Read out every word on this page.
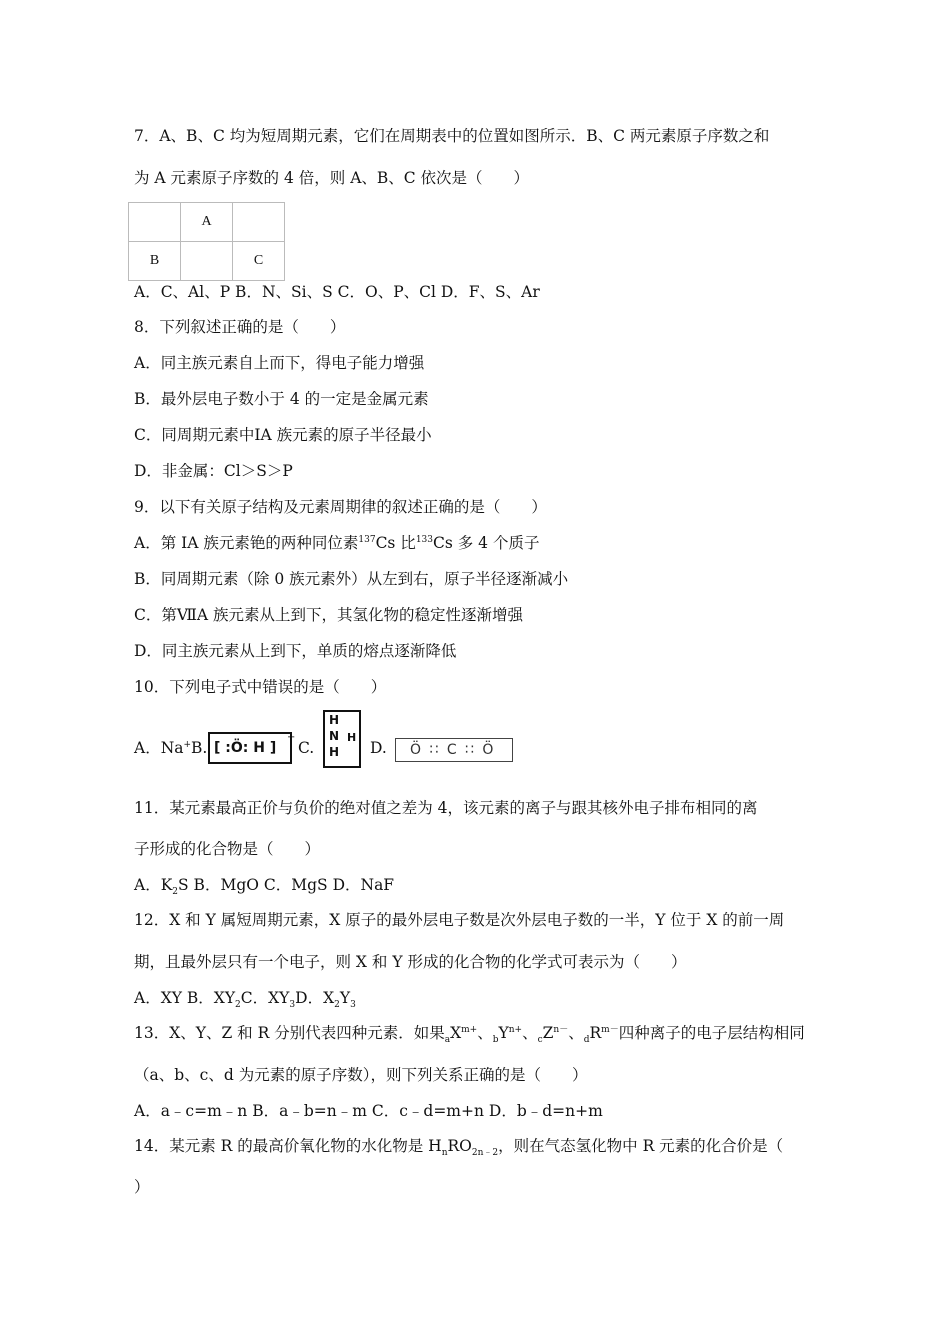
7．A、B、C 均为短周期元素，它们在周期表中的位置如图所示．B、C 两元素原子序数之和
为 A 元素原子序数的 4 倍，则 A、B、C 依次是（　　）
	A	
B		C
A．C、Al、P B．N、Si、S C．O、P、Cl D．F、S、Ar
8．下列叙述正确的是（　　）
A．同主族元素自上而下，得电子能力增强
B．最外层电子数小于 4 的一定是金属元素
C．同周期元素中ⅠA 族元素的原子半径最小
D．非金属：Cl＞S＞P
9．以下有关原子结构及元素周期律的叙述正确的是（　　）
A．第 IA 族元素铯的两种同位素$^{137}$Cs 比$^{133}$Cs 多 4 个质子
B．同周期元素（除 0 族元素外）从左到右，原子半径逐渐减小
C．第ⅦA 族元素从上到下，其氢化物的稳定性逐渐增强
D．同主族元素从上到下，单质的熔点逐渐降低
10．下列电子式中错误的是（　　）
A．Na+B. [ :Ö: H ]
−
C.
H
N
H
H
D. Ö ∷ C ∷ Ö
11．某元素最高正价与负价的绝对值之差为 4，该元素的离子与跟其核外电子排布相同的离
子形成的化合物是（　　）
A．$K_2S$ B．MgO C．MgS D．NaF
12．X 和 Y 属短周期元素，X 原子的最外层电子数是次外层电子数的一半，Y 位于 X 的前一周
期，且最外层只有一个电子，则 X 和 Y 形成的化合物的化学式可表示为（　　）
A．XY B．$XY_2C$．$XY_3D$．$X_2Y_3$
13．X、Y、Z 和 R 分别代表四种元素．如果$_aX^{m+}$、$_bY^{n+}$、$_cZ^{n-}$、$_dR^{m-}$四种离子的电子层结构相同
（a、b、c、d 为元素的原子序数），则下列关系正确的是（　　）
A．a﹣c=m﹣n B．a﹣b=n﹣m C．c﹣d=m+n D．b﹣d=n+m
14．某元素 R 的最高价氧化物的水化物是 $H_nRO_{2n﹣2}$，则在气态氢化物中 R 元素的化合价是（
）
